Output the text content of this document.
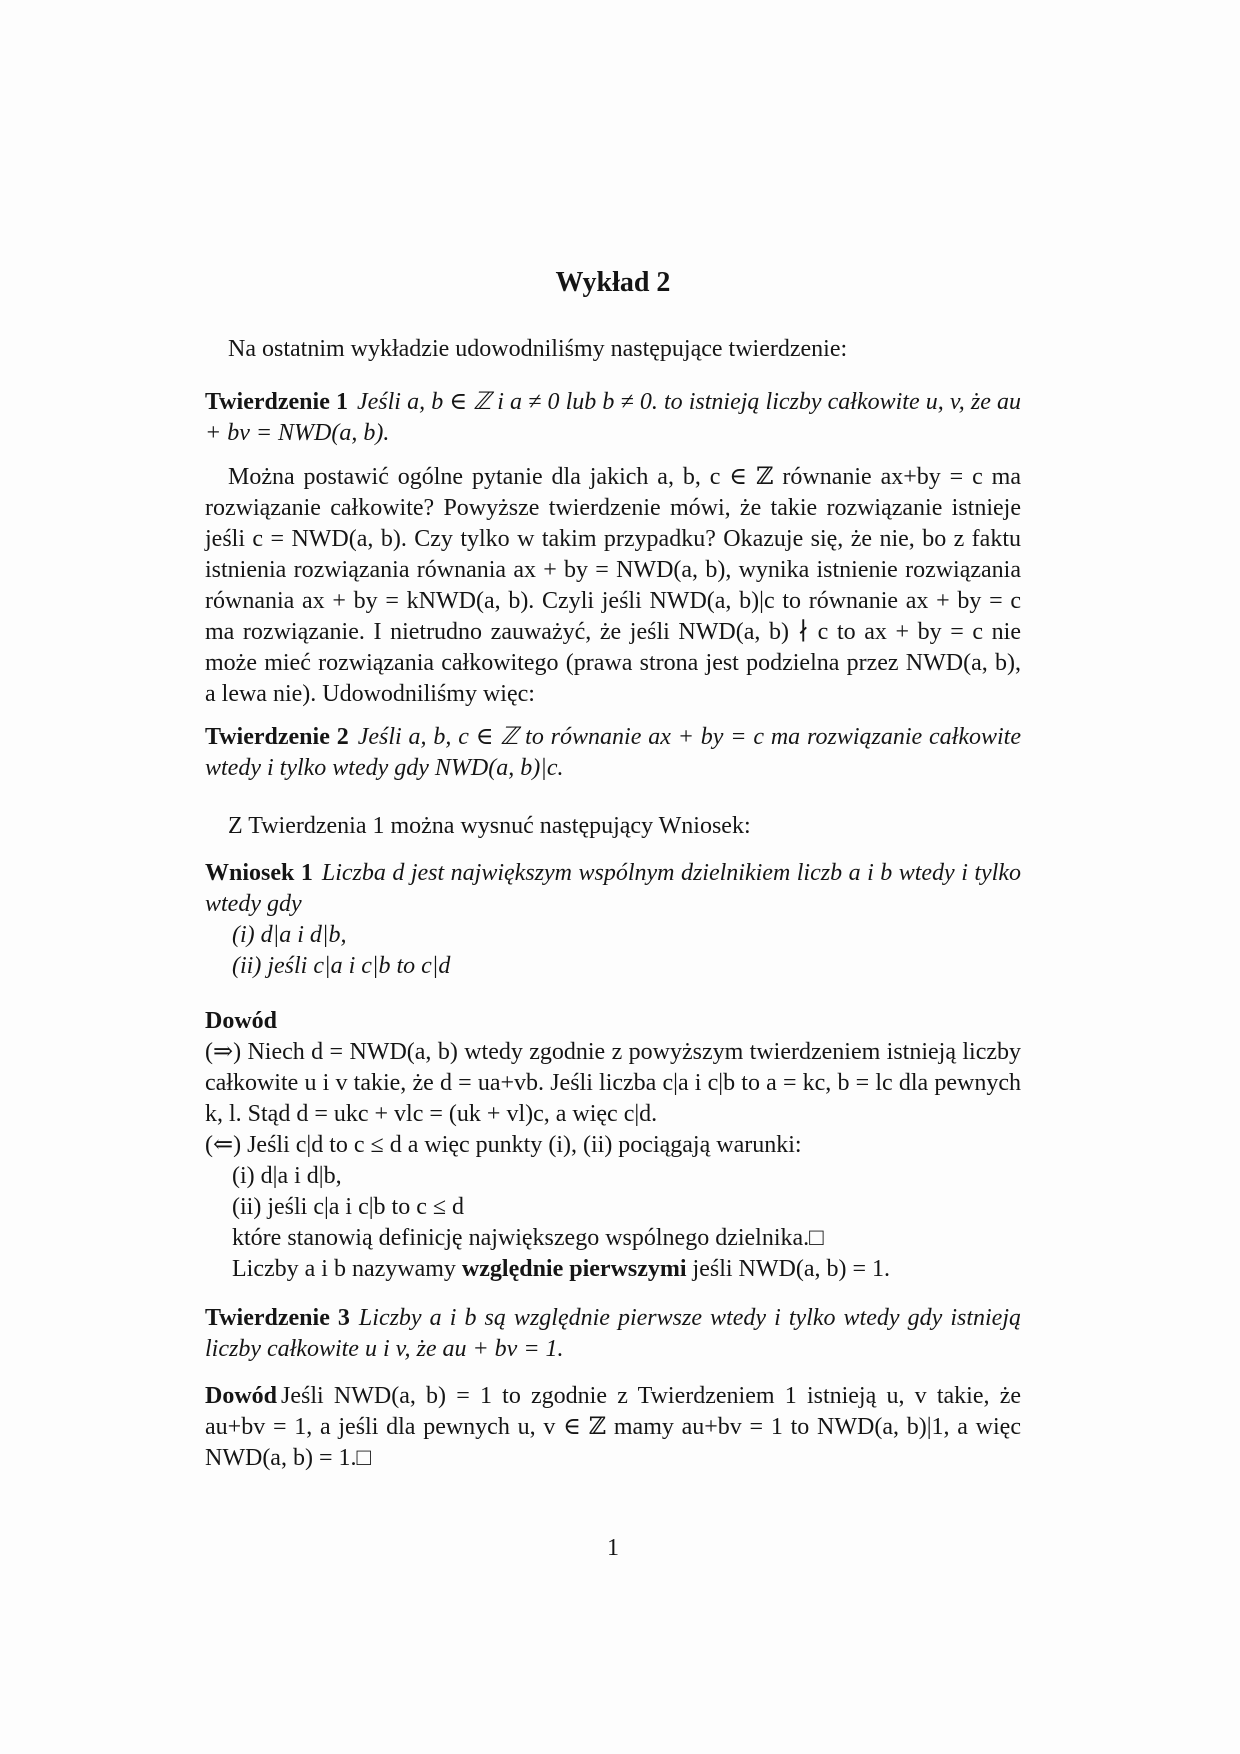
Wykład 2

Na ostatnim wykładzie udowodniliśmy następujące twierdzenie:

Twierdzenie 1 Jeśli a, b ∈ ℤ i a ≠ 0 lub b ≠ 0. to istnieją liczby całkowite u, v, że au + bv = NWD(a, b).

Można postawić ogólne pytanie dla jakich a, b, c ∈ ℤ równanie ax+by = c ma rozwiązanie całkowite? Powyższe twierdzenie mówi, że takie rozwiązanie istnieje jeśli c = NWD(a, b). Czy tylko w takim przypadku? Okazuje się, że nie, bo z faktu istnienia rozwiązania równania ax + by = NWD(a, b), wynika istnienie rozwiązania równania ax + by = kNWD(a, b). Czyli jeśli NWD(a, b)|c to równanie ax + by = c ma rozwiązanie. I nietrudno zauważyć, że jeśli NWD(a, b) ∤ c to ax + by = c nie może mieć rozwiązania całkowitego (prawa strona jest podzielna przez NWD(a, b), a lewa nie). Udowodniliśmy więc:

Twierdzenie 2 Jeśli a, b, c ∈ ℤ to równanie ax + by = c ma rozwiązanie całkowite wtedy i tylko wtedy gdy NWD(a, b)|c.

Z Twierdzenia 1 można wysnuć następujący Wniosek:

Wniosek 1 Liczba d jest największym wspólnym dzielnikiem liczb a i b wtedy i tylko wtedy gdy

(i) d|a i d|b,

(ii) jeśli c|a i c|b to c|d

Dowód

(⇒) Niech d = NWD(a, b) wtedy zgodnie z powyższym twierdzeniem istnieją liczby całkowite u i v takie, że d = ua+vb. Jeśli liczba c|a i c|b to a = kc, b = lc dla pewnych k, l. Stąd d = ukc + vlc = (uk + vl)c, a więc c|d.

(⇐) Jeśli c|d to c ≤ d a więc punkty (i), (ii) pociągają warunki:

(i) d|a i d|b,

(ii) jeśli c|a i c|b to c ≤ d

które stanowią definicję największego wspólnego dzielnika.□

Liczby a i b nazywamy względnie pierwszymi jeśli NWD(a, b) = 1.

Twierdzenie 3 Liczby a i b są względnie pierwsze wtedy i tylko wtedy gdy istnieją liczby całkowite u i v, że au + bv = 1.

Dowód Jeśli NWD(a, b) = 1 to zgodnie z Twierdzeniem 1 istnieją u, v takie, że au+bv = 1, a jeśli dla pewnych u, v ∈ ℤ mamy au+bv = 1 to NWD(a, b)|1, a więc NWD(a, b) = 1.□

1
